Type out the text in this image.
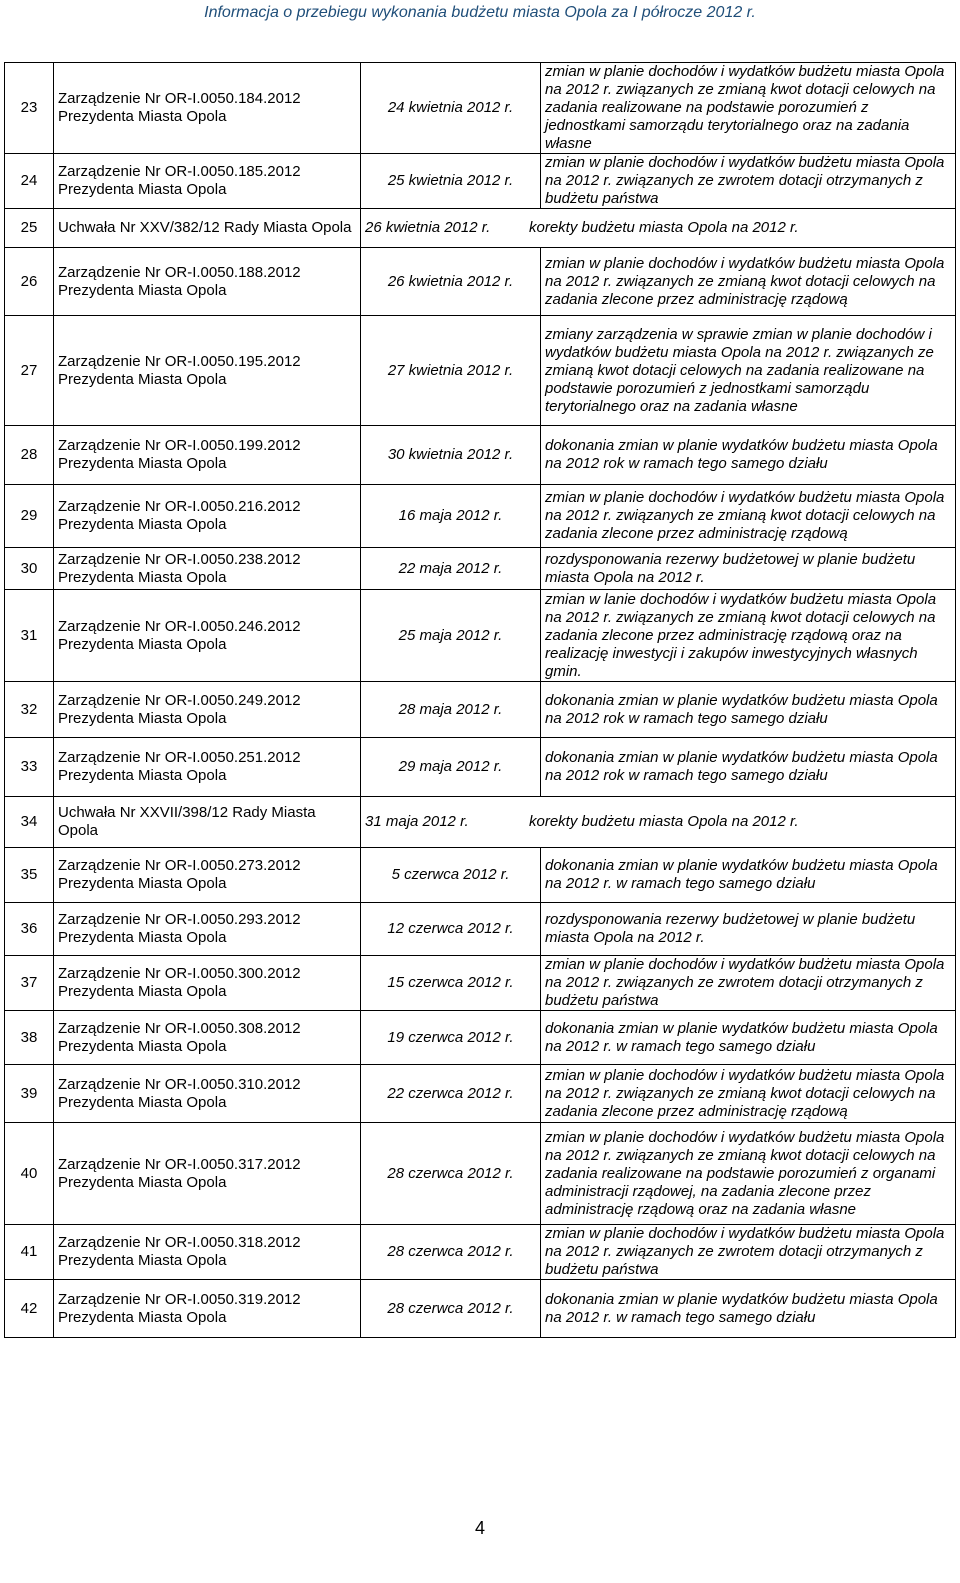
Informacja o przebiegu wykonania budżetu miasta Opola za I półrocze 2012 r.
23	Zarządzenie Nr OR-I.0050.184.2012 Prezydenta Miasta Opola	24 kwietnia 2012 r.	zmian w planie dochodów i wydatków budżetu miasta Opola na 2012 r. związanych ze zmianą kwot dotacji celowych na zadania realizowane na podstawie porozumień z jednostkami samorządu terytorialnego oraz na zadania własne
24	Zarządzenie Nr OR-I.0050.185.2012 Prezydenta Miasta Opola	25 kwietnia 2012 r.	zmian w planie dochodów i wydatków budżetu miasta Opola na 2012 r. związanych ze zwrotem dotacji otrzymanych z budżetu państwa
25	Uchwała Nr XXV/382/12 Rady Miasta Opola	26 kwietnia 2012 r. korekty budżetu miasta Opola na 2012 r.	
26	Zarządzenie Nr OR-I.0050.188.2012 Prezydenta Miasta Opola	26 kwietnia 2012 r.	zmian w planie dochodów i wydatków budżetu miasta Opola na 2012 r. związanych ze zmianą kwot dotacji celowych na zadania zlecone przez administrację rządową
27	Zarządzenie Nr OR-I.0050.195.2012 Prezydenta Miasta Opola	27 kwietnia 2012 r.	zmiany zarządzenia w sprawie zmian w planie dochodów i wydatków budżetu miasta Opola na 2012 r. związanych ze zmianą kwot dotacji celowych na zadania realizowane na podstawie porozumień z jednostkami samorządu terytorialnego oraz na zadania własne
28	Zarządzenie Nr OR-I.0050.199.2012 Prezydenta Miasta Opola	30 kwietnia 2012 r.	dokonania zmian w planie wydatków budżetu miasta Opola na 2012 rok w ramach tego samego działu
29	Zarządzenie Nr OR-I.0050.216.2012 Prezydenta Miasta Opola	16 maja 2012 r.	zmian w planie dochodów i wydatków budżetu miasta Opola na 2012 r. związanych ze zmianą kwot dotacji celowych na zadania zlecone przez administrację rządową
30	Zarządzenie Nr OR-I.0050.238.2012 Prezydenta Miasta Opola	22 maja 2012 r.	rozdysponowania rezerwy budżetowej w planie budżetu miasta Opola na 2012 r.
31	Zarządzenie Nr OR-I.0050.246.2012 Prezydenta Miasta Opola	25 maja 2012 r.	zmian w lanie dochodów i wydatków budżetu miasta Opola na 2012 r. związanych ze zmianą kwot dotacji celowych na zadania zlecone przez administrację rządową oraz na realizację inwestycji i zakupów inwestycyjnych własnych gmin.
32	Zarządzenie Nr OR-I.0050.249.2012 Prezydenta Miasta Opola	28 maja 2012 r.	dokonania zmian w planie wydatków budżetu miasta Opola na 2012 rok w ramach tego samego działu
33	Zarządzenie Nr OR-I.0050.251.2012 Prezydenta Miasta Opola	29 maja 2012 r.	dokonania zmian w planie wydatków budżetu miasta Opola na 2012 rok w ramach tego samego działu
34	Uchwała Nr XXVII/398/12 Rady Miasta Opola	31 maja 2012 r. korekty budżetu miasta Opola na 2012 r.	
35	Zarządzenie Nr OR-I.0050.273.2012 Prezydenta Miasta Opola	5 czerwca 2012 r.	dokonania zmian w planie wydatków budżetu miasta Opola na 2012 r. w ramach tego samego działu
36	Zarządzenie Nr OR-I.0050.293.2012 Prezydenta Miasta Opola	12 czerwca 2012 r.	rozdysponowania rezerwy budżetowej w planie budżetu miasta Opola na 2012 r.
37	Zarządzenie Nr OR-I.0050.300.2012 Prezydenta Miasta Opola	15 czerwca 2012 r.	zmian w planie dochodów i wydatków budżetu miasta Opola na 2012 r. związanych ze zwrotem dotacji otrzymanych z budżetu państwa
38	Zarządzenie Nr OR-I.0050.308.2012 Prezydenta Miasta Opola	19 czerwca 2012 r.	dokonania zmian w planie wydatków budżetu miasta Opola na 2012 r. w ramach tego samego działu
39	Zarządzenie Nr OR-I.0050.310.2012 Prezydenta Miasta Opola	22 czerwca 2012 r.	zmian w planie dochodów i wydatków budżetu miasta Opola na 2012 r. związanych ze zmianą kwot dotacji celowych na zadania zlecone przez administrację rządową
40	Zarządzenie Nr OR-I.0050.317.2012 Prezydenta Miasta Opola	28 czerwca 2012 r.	zmian w planie dochodów i wydatków budżetu miasta Opola na 2012 r. związanych ze zmianą kwot dotacji celowych na zadania realizowane na podstawie porozumień z organami administracji rządowej, na zadania zlecone przez administrację rządową oraz na zadania własne
41	Zarządzenie Nr OR-I.0050.318.2012 Prezydenta Miasta Opola	28 czerwca 2012 r.	zmian w planie dochodów i wydatków budżetu miasta Opola na 2012 r. związanych ze zwrotem dotacji otrzymanych z budżetu państwa
42	Zarządzenie Nr OR-I.0050.319.2012 Prezydenta Miasta Opola	28 czerwca 2012 r.	dokonania zmian w planie wydatków budżetu miasta Opola na 2012 r. w ramach tego samego działu
4
